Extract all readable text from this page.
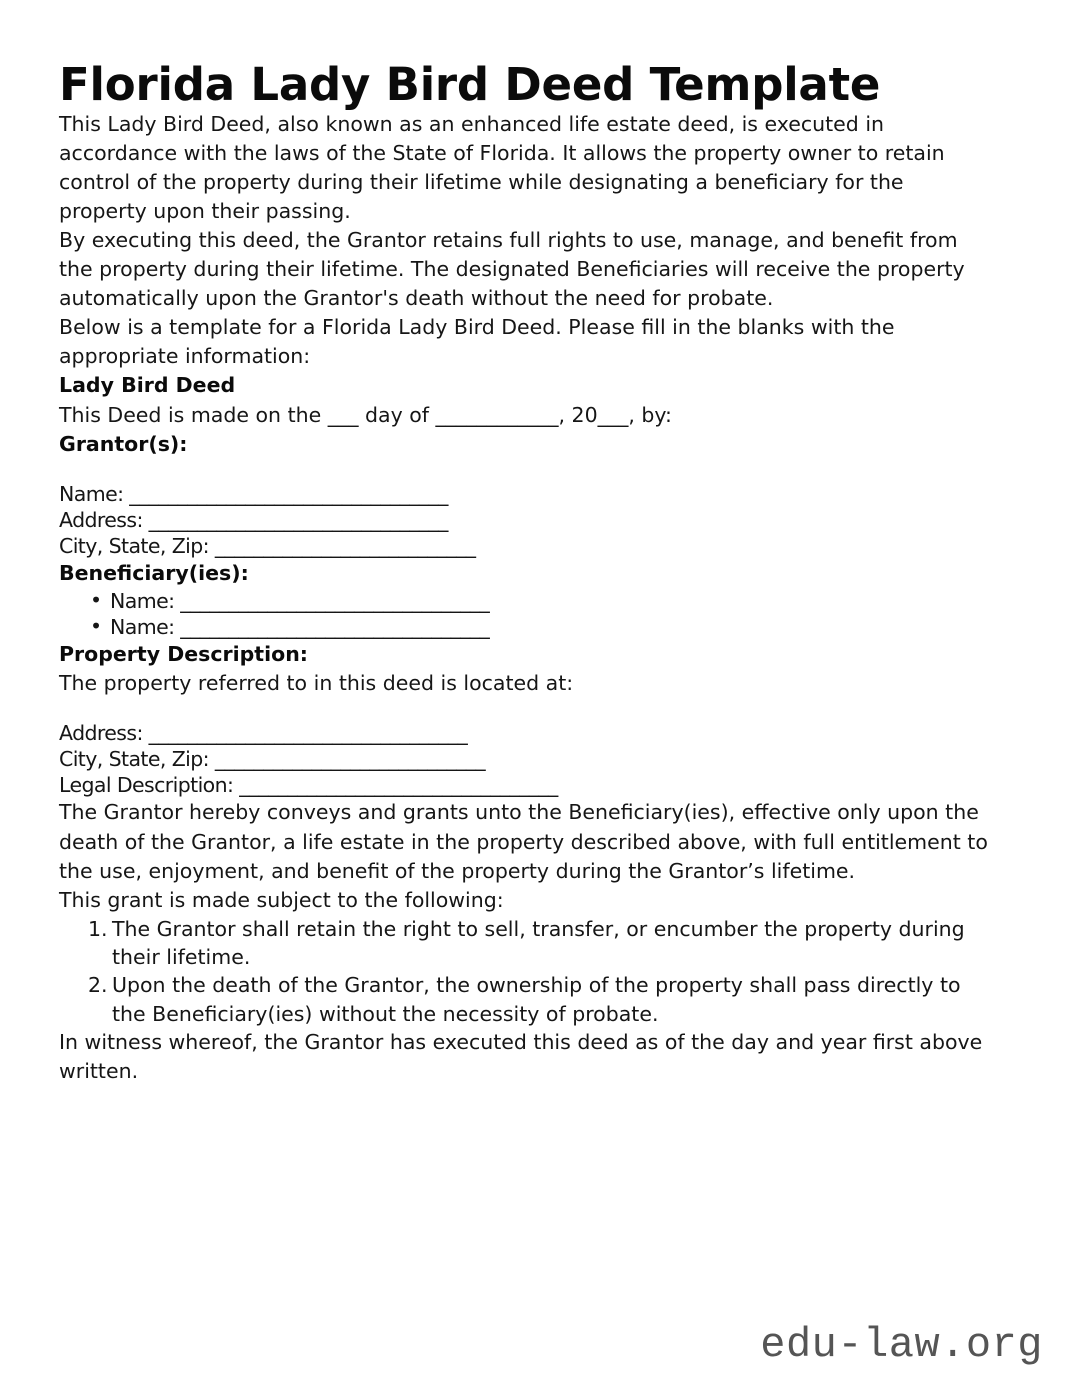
Florida Lady Bird Deed Template

This Lady Bird Deed, also known as an enhanced life estate deed, is executed in accordance with the laws of the State of Florida. It allows the property owner to retain control of the property during their lifetime while designating a beneficiary for the property upon their passing.

By executing this deed, the Grantor retains full rights to use, manage, and benefit from the property during their lifetime. The designated Beneficiaries will receive the property automatically upon the Grantor's death without the need for probate.

Below is a template for a Florida Lady Bird Deed. Please fill in the blanks with the appropriate information:

Lady Bird Deed

This Deed is made on the ___ day of ____________, 20___, by:

Grantor(s):
Name: _________________________________
Address: _______________________________
City, State, Zip: ___________________________
Beneficiary(ies):
• Name: ________________________________
• Name: ________________________________
Property Description:

The property referred to in this deed is located at:

Address: _________________________________
City, State, Zip: ____________________________
Legal Description: _________________________________

The Grantor hereby conveys and grants unto the Beneficiary(ies), effective only upon the death of the Grantor, a life estate in the property described above, with full entitlement to the use, enjoyment, and benefit of the property during the Grantor’s lifetime.

This grant is made subject to the following:

The Grantor shall retain the right to sell, transfer, or encumber the property during their lifetime.
Upon the death of the Grantor, the ownership of the property shall pass directly to the Beneficiary(ies) without the necessity of probate.

In witness whereof, the Grantor has executed this deed as of the day and year first above written.

edu-law.org
